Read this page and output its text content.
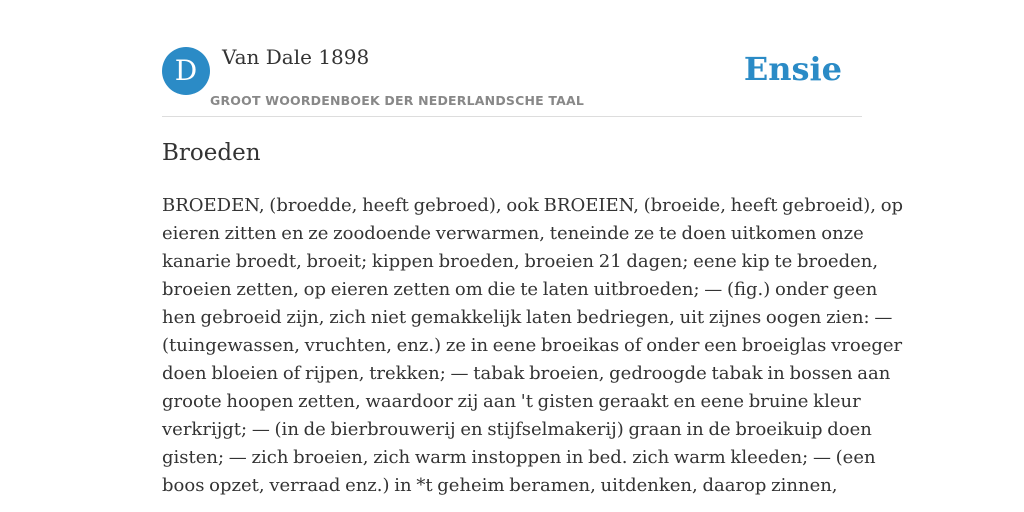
D	Van Dale 1898
GROOT WOORDENBOEK DER NEDERLANDSCHE TAAL
Ensie
Broeden
BROEDEN, (broedde, heeft gebroed), ook BROEIEN, (broeide, heeft gebroeid), op
eieren zitten en ze zoodoende verwarmen, teneinde ze te doen uitkomen onze
kanarie broedt, broeit; kippen broeden, broeien 21 dagen; eene kip te broeden,
broeien zetten, op eieren zetten om die te laten uitbroeden; — (fig.) onder geen
hen gebroeid zijn, zich niet gemakkelijk laten bedriegen, uit zijnes oogen zien: —
(tuingewassen, vruchten, enz.) ze in eene broeikas of onder een broeiglas vroeger
doen bloeien of rijpen, trekken; — tabak broeien, gedroogde tabak in bossen aan
groote hoopen zetten, waardoor zij aan 't gisten geraakt en eene bruine kleur
verkrijgt; — (in de bierbrouwerij en stijfselmakerij) graan in de broeikuip doen
gisten; — zich broeien, zich warm instoppen in bed. zich warm kleeden; — (een
boos opzet, verraad enz.) in *t geheim beramen, uitdenken, daarop zinnen,
